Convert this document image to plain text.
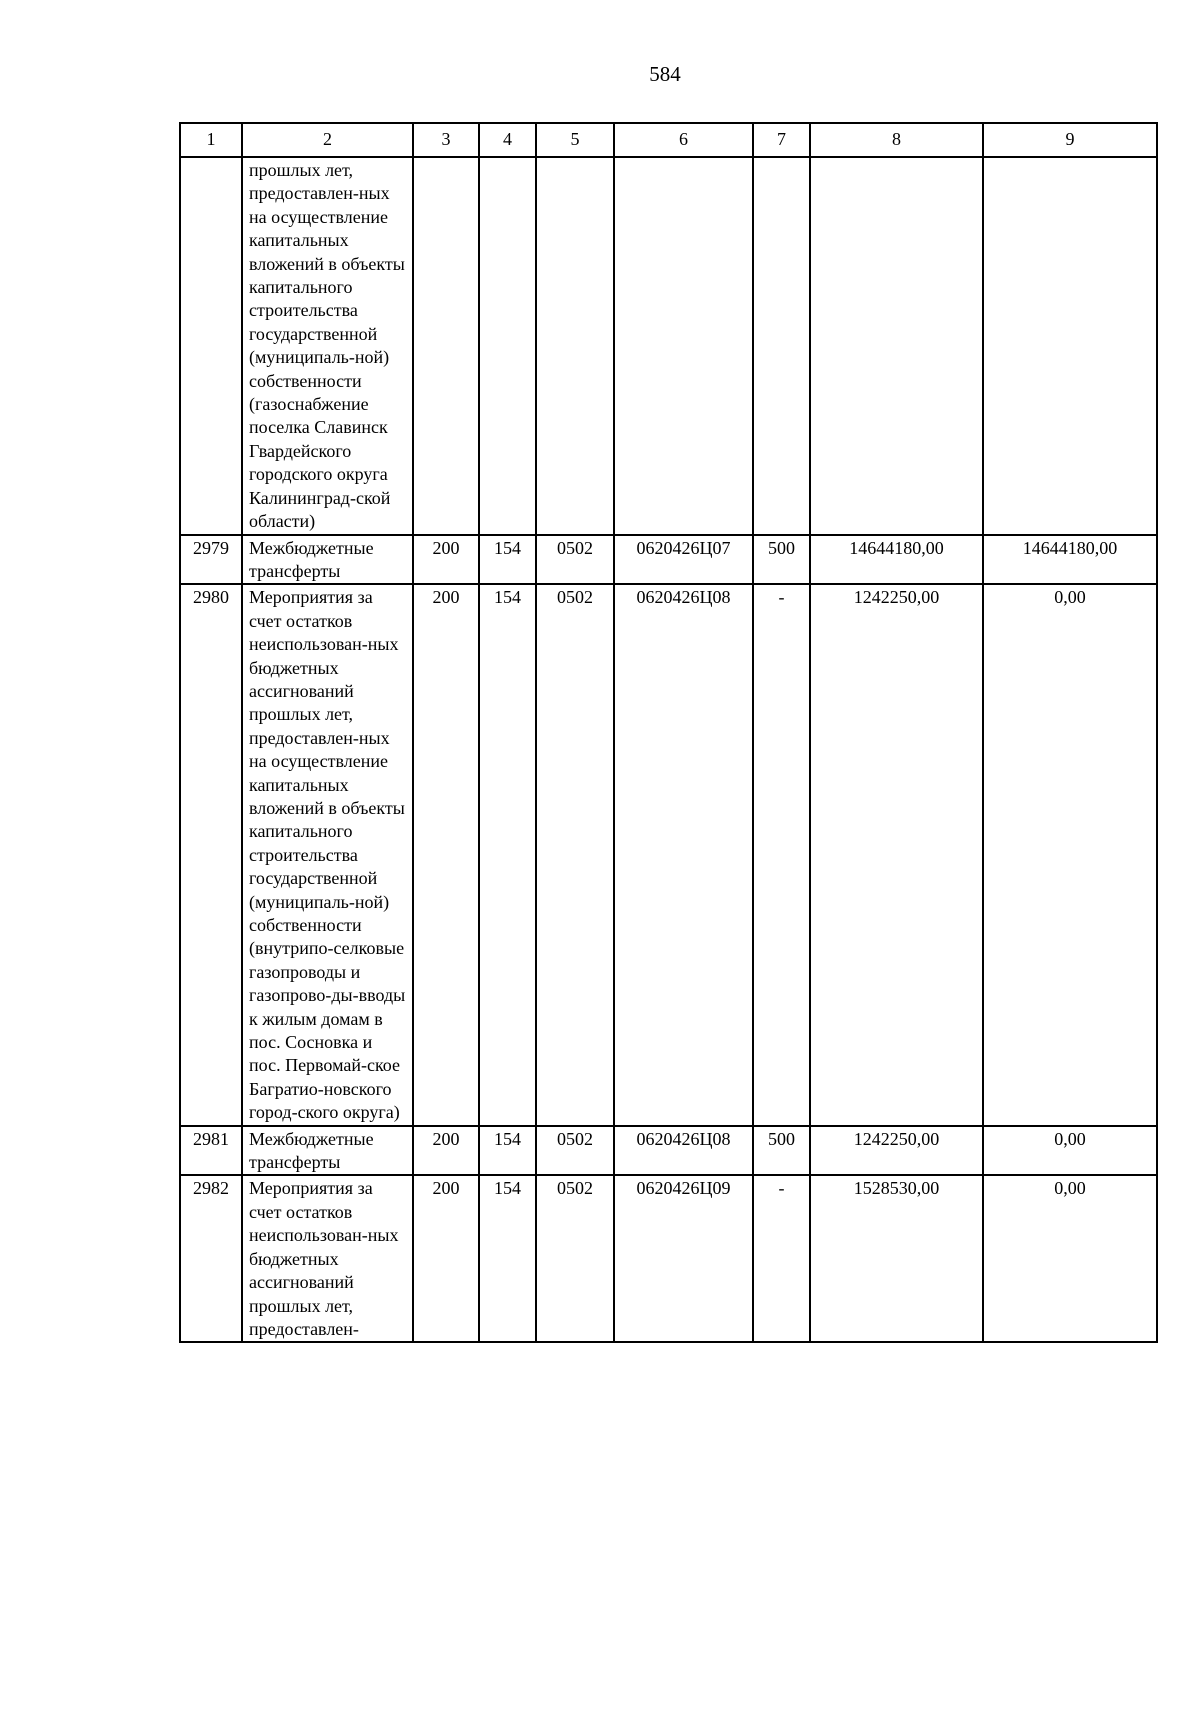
584
1	2	3	4	5	6	7	8	9
	прошлых лет, предоставлен-ных на осуществление капитальных вложений в объекты капитального строительства государственной (муниципаль-ной) собственности (газоснабжение поселка Славинск Гвардейского городского округа Калининград-ской области)							
2979	Межбюджетные трансферты	200	154	0502	0620426Ц07	500	14644180,00	14644180,00
2980	Мероприятия за счет остатков неиспользован-ных бюджетных ассигнований прошлых лет, предоставлен-ных на осуществление капитальных вложений в объекты капитального строительства государственной (муниципаль-ной) собственности (внутрипо-селковые газопроводы и газопрово-ды-вводы к жилым домам в пос. Сосновка и пос. Первомай-ское Багратио-новского город-ского округа)	200	154	0502	0620426Ц08	-	1242250,00	0,00
2981	Межбюджетные трансферты	200	154	0502	0620426Ц08	500	1242250,00	0,00
2982	Мероприятия за счет остатков неиспользован-ных бюджетных ассигнований прошлых лет, предоставлен-	200	154	0502	0620426Ц09	-	1528530,00	0,00
